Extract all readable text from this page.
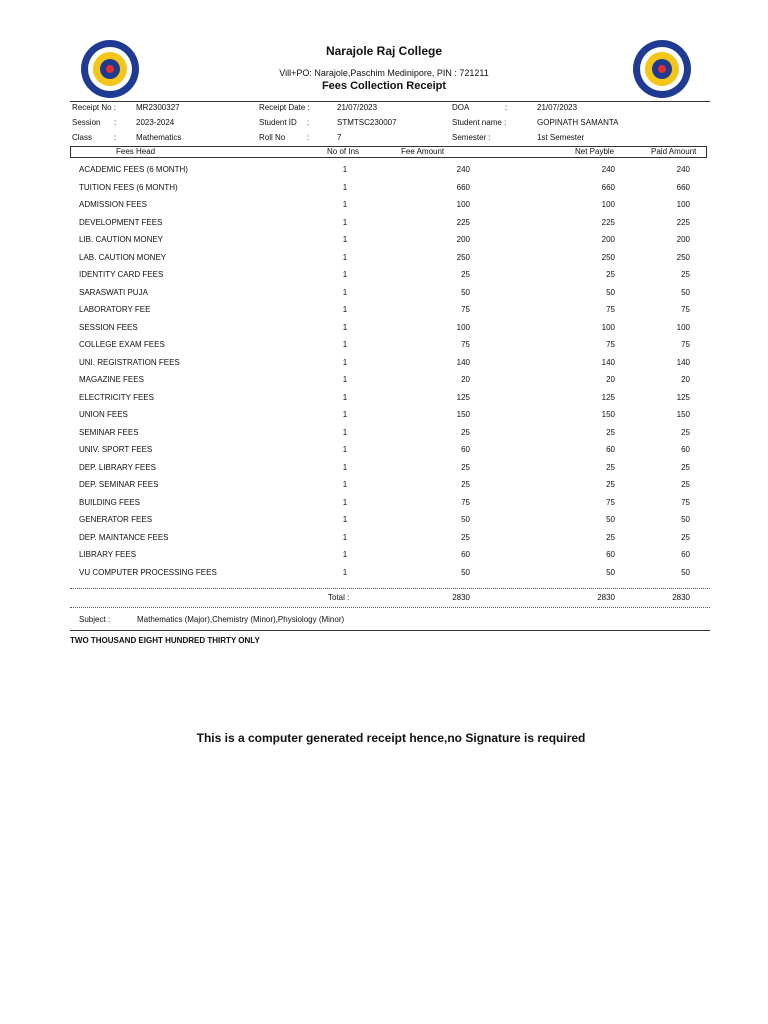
Narajole Raj College
Vill+PO: Narajole,Paschim Medinipore, PIN : 721211
Fees Collection Receipt
Receipt No : MR2300327	Receipt Date :	21/07/2023	DOA	:	21/07/2023
Session : 2023-2024	Student ID :	STMTSC230007	Student name :	GOPINATH SAMANTA
Class	: Mathematics	Roll No	:	7	Semester :	1st Semester
Fees Head	No of Ins	Fee Amount	Net Payble	Paid Amount
ACADEMIC FEES (6 MONTH)	1	240	240	240
TUITION FEES (6 MONTH)	1	660	660	660
ADMISSION FEES	1	100	100	100
DEVELOPMENT FEES	1	225	225	225
LIB. CAUTION MONEY	1	200	200	200
LAB. CAUTION MONEY	1	250	250	250
IDENTITY CARD FEES	1	25	25	25
SARASWATI PUJA	1	50	50	50
LABORATORY FEE	1	75	75	75
SESSION FEES	1	100	100	100
COLLEGE EXAM FEES	1	75	75	75
UNI. REGISTRATION FEES	1	140	140	140
MAGAZINE FEES	1	20	20	20
ELECTRICITY FEES	1	125	125	125
UNION FEES	1	150	150	150
SEMINAR FEES	1	25	25	25
UNIV. SPORT FEES	1	60	60	60
DEP. LIBRARY FEES	1	25	25	25
DEP. SEMINAR FEES	1	25	25	25
BUILDING FEES	1	75	75	75
GENERATOR FEES	1	50	50	50
DEP. MAINTANCE FEES	1	25	25	25
LIBRARY FEES	1	60	60	60
VU COMPUTER PROCESSING FEES	1	50	50	50
Total :	2830	2830	2830
Subject :	Mathematics (Major),Chemistry (Minor),Physiology (Minor)
TWO THOUSAND EIGHT HUNDRED THIRTY ONLY
This is a computer generated receipt hence,no Signature is required
